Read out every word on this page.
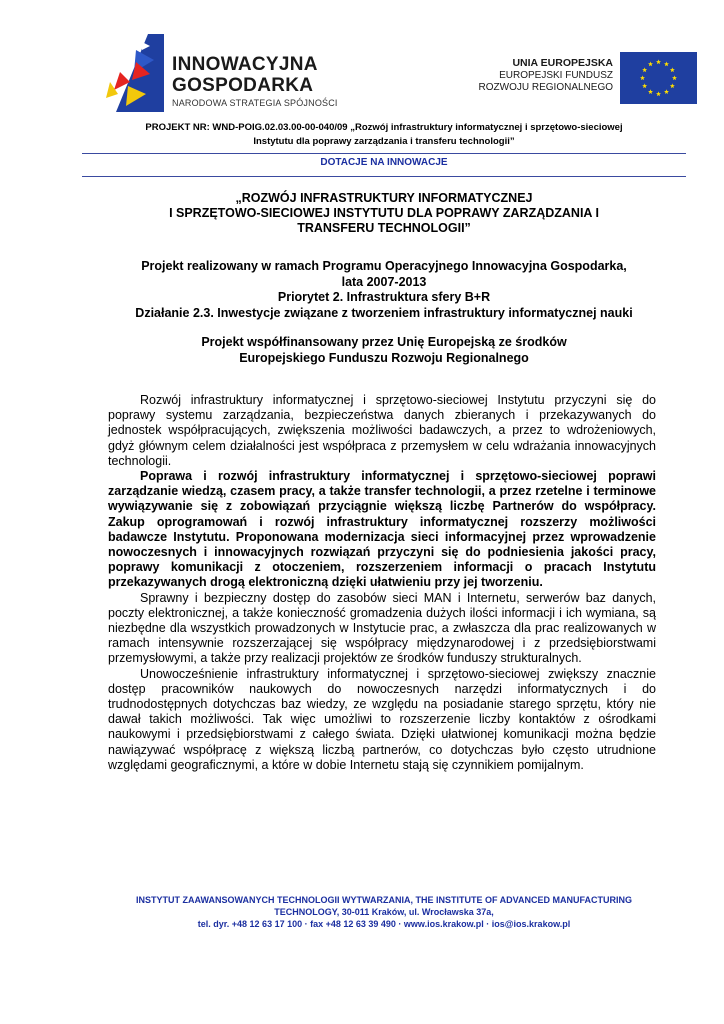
INNOWACYJNA
GOSPODARKA
NARODOWA STRATEGIA SPÓJNOŚCI
UNIA EUROPEJSKA
EUROPEJSKI FUNDUSZ
ROZWOJU REGIONALNEGO
PROJEKT NR: WND-POIG.02.03.00-00-040/09 „Rozwój infrastruktury informatycznej i sprzętowo-sieciowej
Instytutu dla poprawy zarządzania i transferu technologii”
DOTACJE NA INNOWACJE
„ROZWÓJ INFRASTRUKTURY INFORMATYCZNEJ
I SPRZĘTOWO-SIECIOWEJ INSTYTUTU DLA POPRAWY ZARZĄDZANIA I
TRANSFERU TECHNOLOGII”
Projekt realizowany w ramach Programu Operacyjnego Innowacyjna Gospodarka,
lata 2007-2013
Priorytet 2. Infrastruktura sfery B+R
Działanie 2.3. Inwestycje związane z tworzeniem infrastruktury informatycznej nauki
Projekt współfinansowany przez Unię Europejską ze środków
Europejskiego Funduszu Rozwoju Regionalnego

Rozwój infrastruktury informatycznej i sprzętowo-sieciowej Instytutu przyczyni się do poprawy systemu zarządzania, bezpieczeństwa danych zbieranych i przekazywanych do jednostek współpracujących, zwiększenia możliwości badawczych, a przez to wdrożeniowych, gdyż głównym celem działalności jest współpraca z przemysłem w celu wdrażania innowacyjnych technologii.

Poprawa i rozwój infrastruktury informatycznej i sprzętowo-sieciowej poprawi zarządzanie wiedzą, czasem pracy, a także transfer technologii, a przez rzetelne i terminowe wywiązywanie się z zobowiązań przyciągnie większą liczbę Partnerów do współpracy. Zakup oprogramowań i rozwój infrastruktury informatycznej rozszerzy możliwości badawcze Instytutu. Proponowana modernizacja sieci informacyjnej przez wprowadzenie nowoczesnych i innowacyjnych rozwiązań przyczyni się do podniesienia jakości pracy, poprawy komunikacji z otoczeniem, rozszerzeniem informacji o pracach Instytutu przekazywanych drogą elektroniczną dzięki ułatwieniu przy jej tworzeniu.

Sprawny i bezpieczny dostęp do zasobów sieci MAN i Internetu, serwerów baz danych, poczty elektronicznej, a także konieczność gromadzenia dużych ilości informacji i ich wymiana, są niezbędne dla wszystkich prowadzonych w Instytucie prac, a zwłaszcza dla prac realizowanych w ramach intensywnie rozszerzającej się współpracy międzynarodowej i z przedsiębiorstwami przemysłowymi, a także przy realizacji projektów ze środków funduszy strukturalnych.

Unowocześnienie infrastruktury informatycznej i sprzętowo-sieciowej zwiększy znacznie dostęp pracowników naukowych do nowoczesnych narzędzi informatycznych i do trudnodostępnych dotychczas baz wiedzy, ze względu na posiadanie starego sprzętu, który nie dawał takich możliwości. Tak więc umożliwi to rozszerzenie liczby kontaktów z ośrodkami naukowymi i przedsiębiorstwami z całego świata. Dzięki ułatwionej komunikacji można będzie nawiązywać współpracę z większą liczbą partnerów, co dotychczas było często utrudnione względami geograficznymi, a które w dobie Internetu stają się czynnikiem pomijalnym.

INSTYTUT ZAAWANSOWANYCH TECHNOLOGII WYTWARZANIA, THE INSTITUTE OF ADVANCED MANUFACTURING
TECHNOLOGY, 30-011 Kraków, ul. Wrocławska 37a,
tel. dyr. +48 12 63 17 100 · fax +48 12 63 39 490 · www.ios.krakow.pl · ios@ios.krakow.pl
